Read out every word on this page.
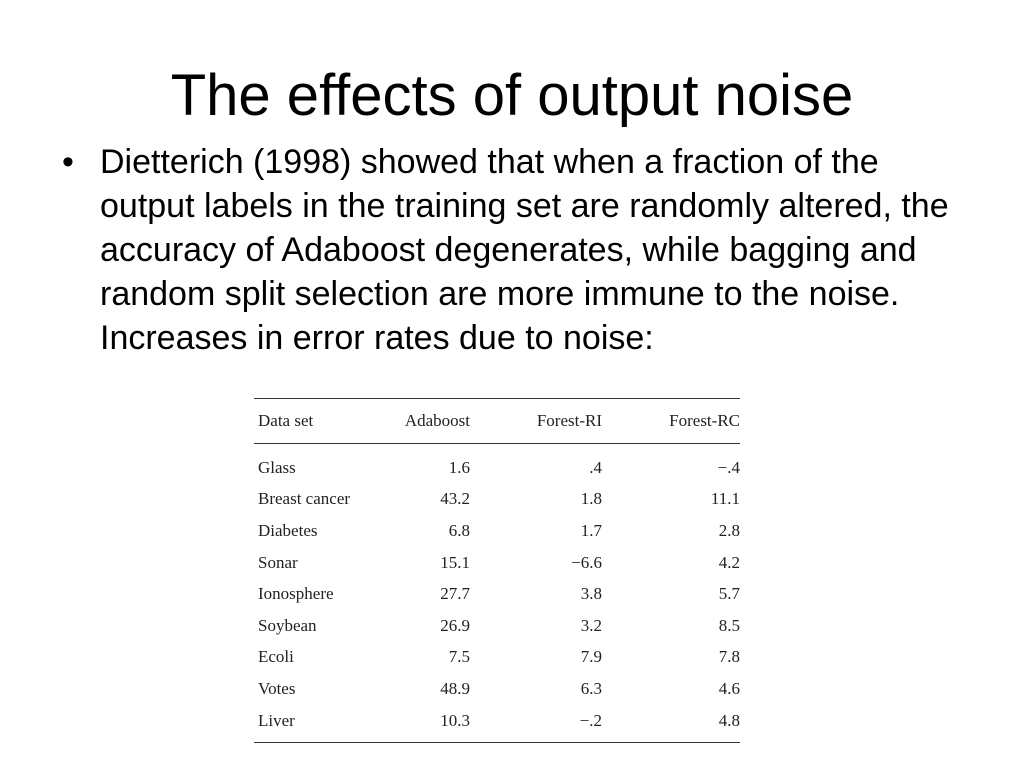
The effects of output noise
• Dietterich (1998) showed that when a fraction of the output labels in the training set are randomly altered, the accuracy of Adaboost degenerates, while bagging and random split selection are more immune to the noise. Increases in error rates due to noise:
Data set	Adaboost	Forest-RI	Forest-RC
Glass	1.6	.4	−.4
Breast cancer	43.2	1.8	11.1
Diabetes	6.8	1.7	2.8
Sonar	15.1	−6.6	4.2
Ionosphere	27.7	3.8	5.7
Soybean	26.9	3.2	8.5
Ecoli	7.5	7.9	7.8
Votes	48.9	6.3	4.6
Liver	10.3	−.2	4.8
